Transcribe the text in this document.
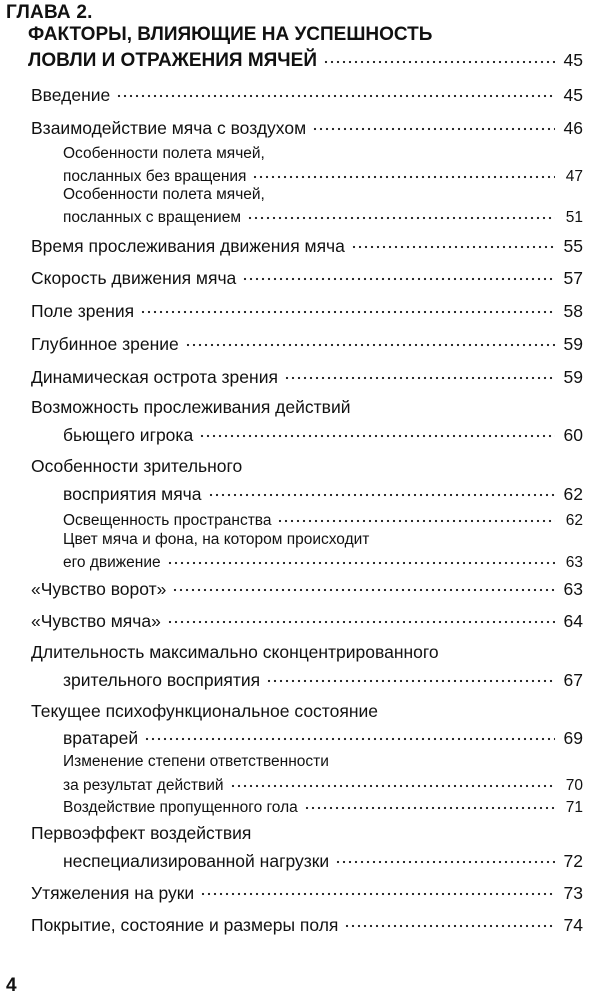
ГЛАВА 2.
ФАКТОРЫ, ВЛИЯЮЩИЕ НА УСПЕШНОСТЬ
ЛОВЛИ И ОТРАЖЕНИЯ МЯЧЕЙ	45
Введение	45
Взаимодействие мяча с воздухом	46
Особенности полета мячей,
посланных без вращения	47
Особенности полета мячей,
посланных с вращением	51
Время прослеживания движения мяча	55
Скорость движения мяча	57
Поле зрения	58
Глубинное зрение	59
Динамическая острота зрения	59
Возможность прослеживания действий
бьющего игрока	60
Особенности зрительного
восприятия мяча	62
Освещенность пространства	62
Цвет мяча и фона, на котором происходит
его движение	63
«Чувство ворот»	63
«Чувство мяча»	64
Длительность максимально сконцентрированного
зрительного восприятия	67
Текущее психофункциональное состояние
вратарей	69
Изменение степени ответственности
за результат действий	70
Воздействие пропущенного гола	71
Первоэффект воздействия
неспециализированной нагрузки	72
Утяжеления на руки	73
Покрытие, состояние и размеры поля	74
4
